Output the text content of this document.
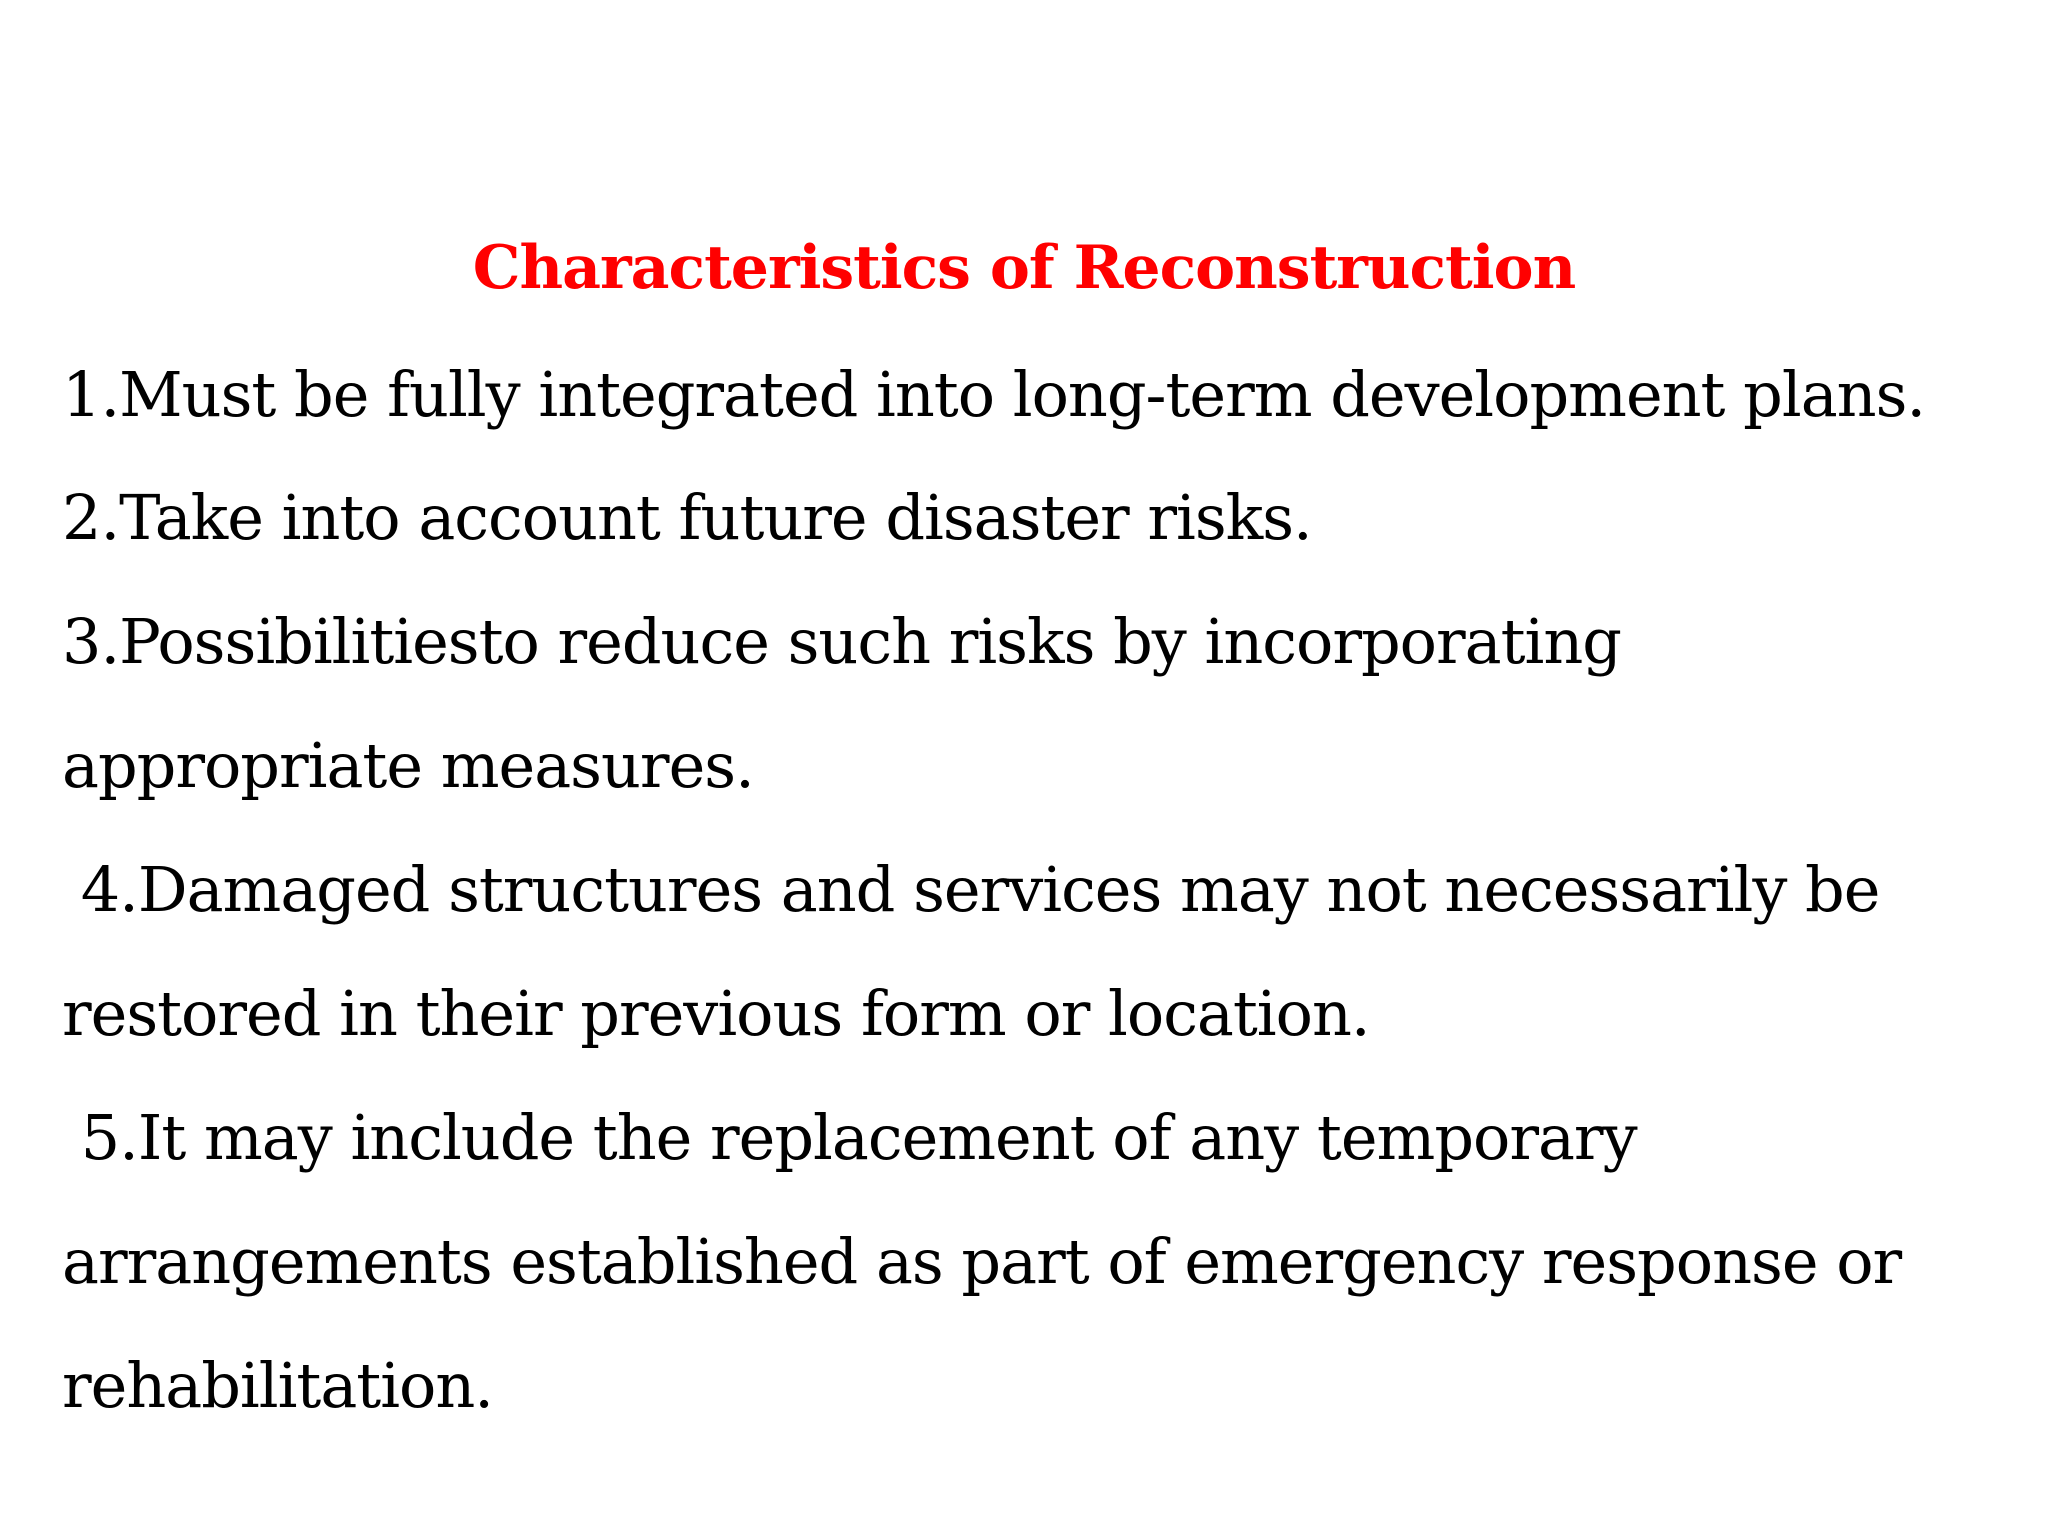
Characteristics of Reconstruction
1.Must be fully integrated into long-term development plans.
2.Take into account future disaster risks.
3.Possibilitiesto reduce such risks by incorporating
appropriate measures.
4.Damaged structures and services may not necessarily be
restored in their previous form or location.
5.It may include the replacement of any temporary
arrangements established as part of emergency response or
rehabilitation.
